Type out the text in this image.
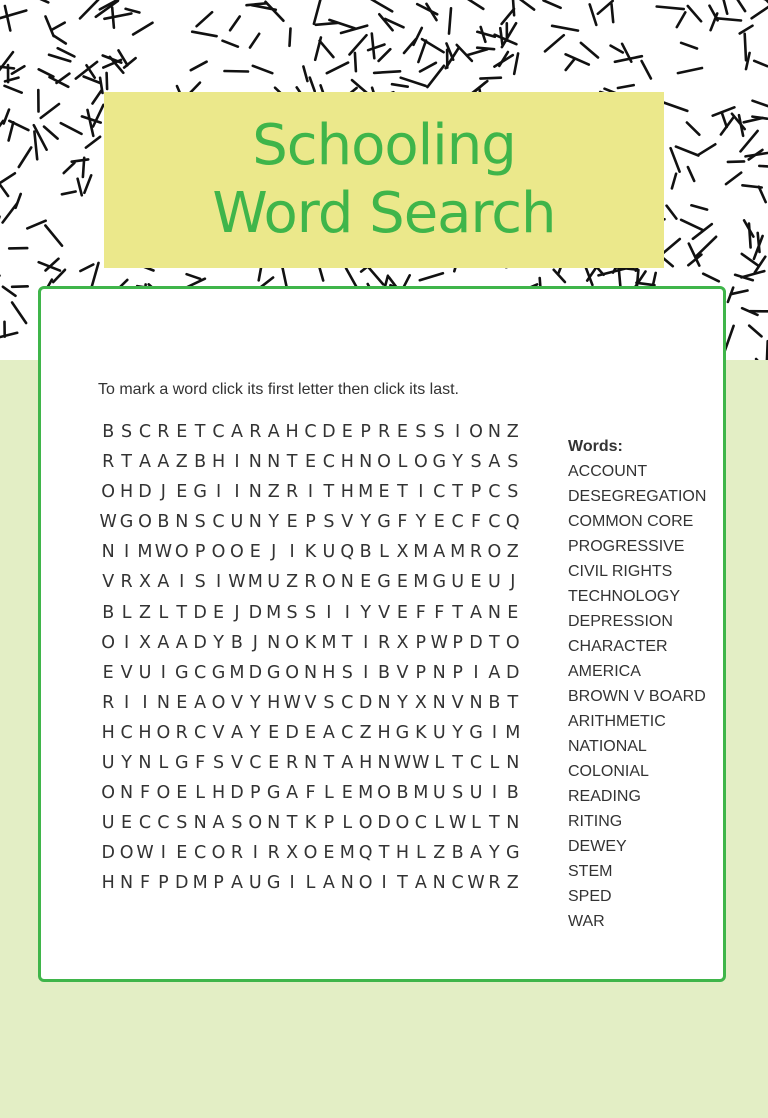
Schooling Word Search
To mark a word click its first letter then click its last.
B S C R E T C A R A H C D E P R E S S I O N Z
R T A A Z B H I N N T E C H N O L O G Y S A S
O H D J E G I I N Z R I T H M E T I C T P C S
W G O B N S C U N Y E P S V Y G F Y E C F C Q
N I M W O P O O E J I K U Q B L X M A M R O Z
V R X A I S I W M U Z R O N E G E M G U E U J
B L Z L T D E J D M S S I I Y V E F F T A N E
O I X A A D Y B J N O K M T I R X P W P D T O
E V U I G C G M D G O N H S I B V P N P I A D
R I I N E A O V Y H W V S C D N Y X N V N B T
H C H O R C V A Y E D E A C Z H G K U Y G I M
U Y N L G F S V C E R N T A H N WW L T C L N
O N F O E L H D P G A F L E M O B M U S U I B
U E C C S N A S O N T K P L O D O C L W L T N
D O W I E C O R I R X O E M Q T H L Z B A Y G
H N F P D M P A U G I L A N O I T A N C W R Z
Words:
ACCOUNT
DESEGREGATION
COMMON CORE
PROGRESSIVE
CIVIL RIGHTS
TECHNOLOGY
DEPRESSION
CHARACTER
AMERICA
BROWN V BOARD
ARITHMETIC
NATIONAL
COLONIAL
READING
RITING
DEWEY
STEM
SPED
WAR
